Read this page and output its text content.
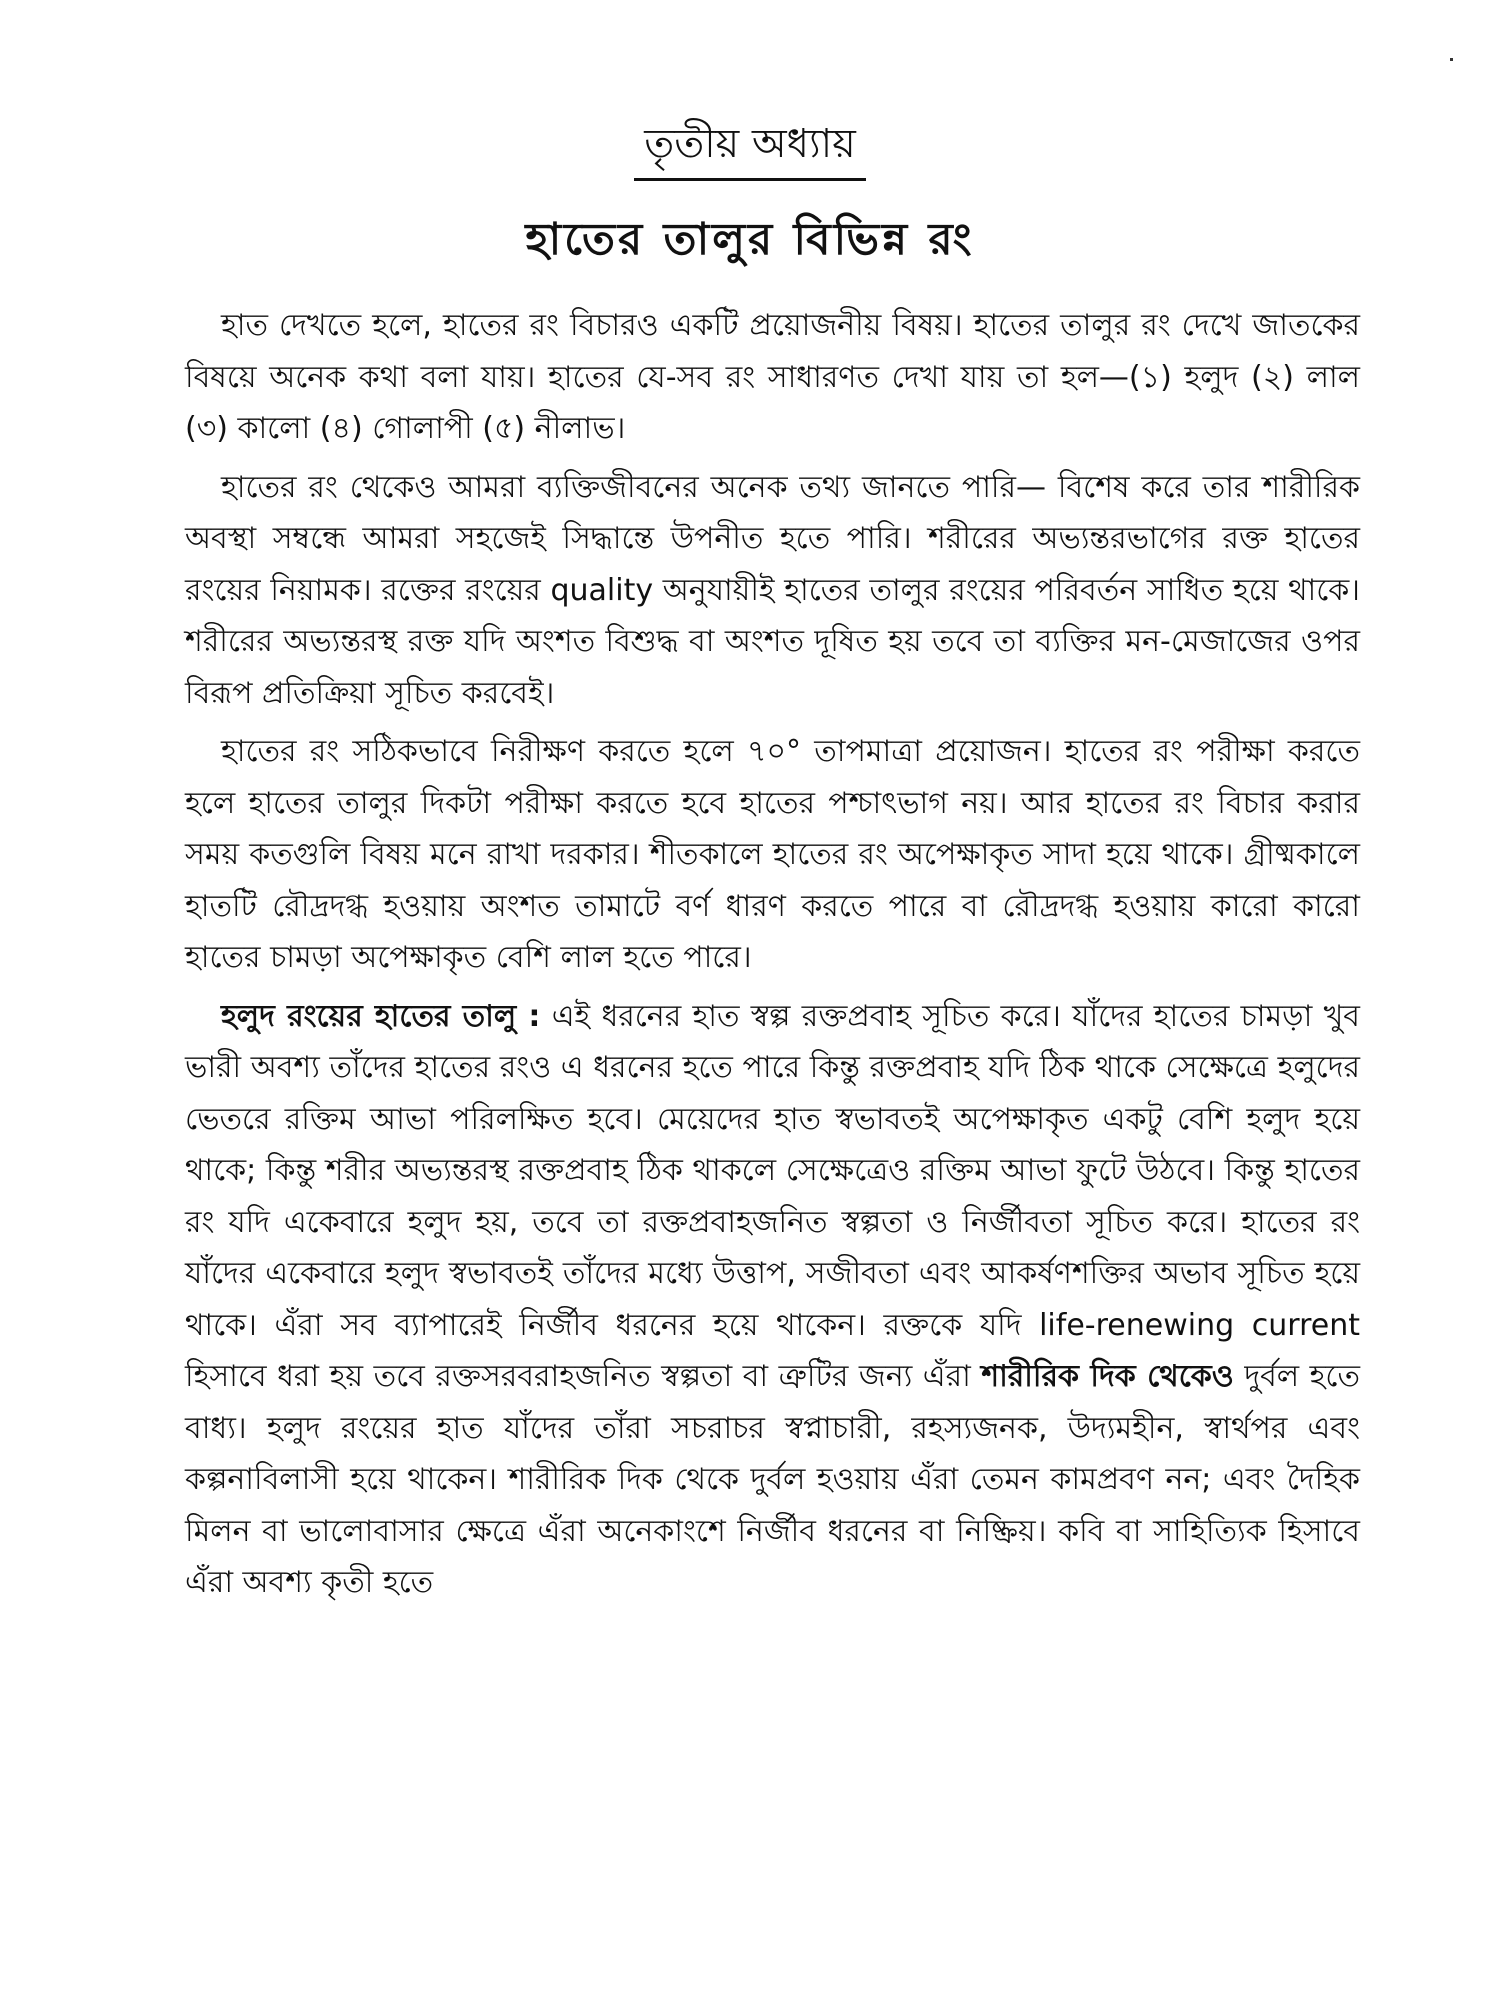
তৃতীয় অধ্যায়
হাতের তালুর বিভিন্ন রং

হাত দেখতে হলে, হাতের রং বিচারও একটি প্রয়োজনীয় বিষয়। হাতের তালুর রং দেখে জাতকের বিষয়ে অনেক কথা বলা যায়। হাতের যে-সব রং সাধারণত দেখা যায় তা হল—(১) হলুদ (২) লাল (৩) কালো (৪) গোলাপী (৫) নীলাভ।

হাতের রং থেকেও আমরা ব্যক্তিজীবনের অনেক তথ্য জানতে পারি— বিশেষ করে তার শারীরিক অবস্থা সম্বন্ধে আমরা সহজেই সিদ্ধান্তে উপনীত হতে পারি। শরীরের অভ্যন্তরভাগের রক্ত হাতের রংয়ের নিয়ামক। রক্তের রংয়ের quality অনুযায়ীই হাতের তালুর রংয়ের পরিবর্তন সাধিত হয়ে থাকে। শরীরের অভ্যন্তরস্থ রক্ত যদি অংশত বিশুদ্ধ বা অংশত দূষিত হয় তবে তা ব্যক্তির মন-মেজাজের ওপর বিরূপ প্রতিক্রিয়া সূচিত করবেই।

হাতের রং সঠিকভাবে নিরীক্ষণ করতে হলে ৭০° তাপমাত্রা প্রয়োজন। হাতের রং পরীক্ষা করতে হলে হাতের তালুর দিকটা পরীক্ষা করতে হবে হাতের পশ্চাৎভাগ নয়। আর হাতের রং বিচার করার সময় কতগুলি বিষয় মনে রাখা দরকার। শীতকালে হাতের রং অপেক্ষাকৃত সাদা হয়ে থাকে। গ্রীষ্মকালে হাতটি রৌদ্রদগ্ধ হওয়ায় অংশত তামাটে বর্ণ ধারণ করতে পারে বা রৌদ্রদগ্ধ হওয়ায় কারো কারো হাতের চামড়া অপেক্ষাকৃত বেশি লাল হতে পারে।

হলুদ রংয়ের হাতের তালু : এই ধরনের হাত স্বল্প রক্তপ্রবাহ সূচিত করে। যাঁদের হাতের চামড়া খুব ভারী অবশ্য তাঁদের হাতের রংও এ ধরনের হতে পারে কিন্তু রক্তপ্রবাহ যদি ঠিক থাকে সেক্ষেত্রে হলুদের ভেতরে রক্তিম আভা পরিলক্ষিত হবে। মেয়েদের হাত স্বভাবতই অপেক্ষাকৃত একটু বেশি হলুদ হয়ে থাকে; কিন্তু শরীর অভ্যন্তরস্থ রক্তপ্রবাহ ঠিক থাকলে সেক্ষেত্রেও রক্তিম আভা ফুটে উঠবে। কিন্তু হাতের রং যদি একেবারে হলুদ হয়, তবে তা রক্তপ্রবাহজনিত স্বল্পতা ও নির্জীবতা সূচিত করে। হাতের রং যাঁদের একেবারে হলুদ স্বভাবতই তাঁদের মধ্যে উত্তাপ, সজীবতা এবং আকর্ষণশক্তির অভাব সূচিত হয়ে থাকে। এঁরা সব ব্যাপারেই নির্জীব ধরনের হয়ে থাকেন। রক্তকে যদি life-renewing current হিসাবে ধরা হয় তবে রক্তসরবরাহজনিত স্বল্পতা বা ত্রুটির জন্য এঁরা শারীরিক দিক থেকেও দুর্বল হতে বাধ্য। হলুদ রংয়ের হাত যাঁদের তাঁরা সচরাচর স্বপ্নাচারী, রহস্যজনক, উদ্যমহীন, স্বার্থপর এবং কল্পনাবিলাসী হয়ে থাকেন। শারীরিক দিক থেকে দুর্বল হওয়ায় এঁরা তেমন কামপ্রবণ নন; এবং দৈহিক মিলন বা ভালোবাসার ক্ষেত্রে এঁরা অনেকাংশে নির্জীব ধরনের বা নিষ্ক্রিয়। কবি বা সাহিত্যিক হিসাবে এঁরা অবশ্য কৃতী হতে
